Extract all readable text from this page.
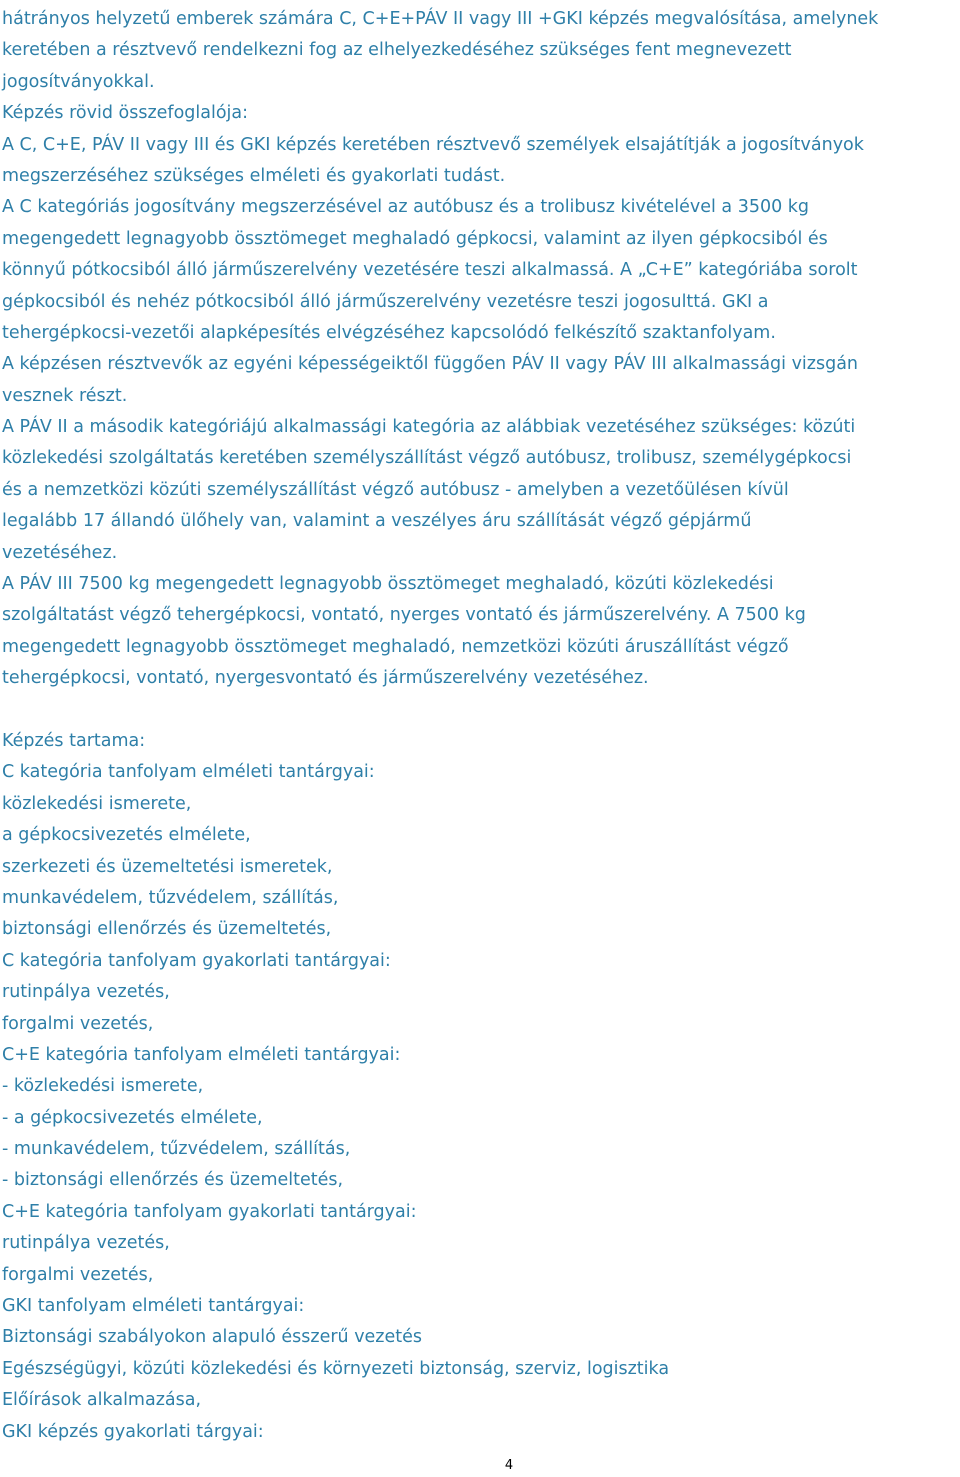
hátrányos helyzetű emberek számára C, C+E+PÁV II vagy III +GKI képzés megvalósítása, amelynek
keretében a résztvevő rendelkezni fog az elhelyezkedéséhez szükséges fent megnevezett
jogosítványokkal.
Képzés rövid összefoglalója:
A C, C+E, PÁV II vagy III és GKI képzés keretében résztvevő személyek elsajátítják a jogosítványok
megszerzéséhez szükséges elméleti és gyakorlati tudást.
A C kategóriás jogosítvány megszerzésével az autóbusz és a trolibusz kivételével a 3500 kg
megengedett legnagyobb össztömeget meghaladó gépkocsi, valamint az ilyen gépkocsiból és
könnyű pótkocsiból álló járműszerelvény vezetésére teszi alkalmassá. A „C+E” kategóriába sorolt
gépkocsiból és nehéz pótkocsiból álló járműszerelvény vezetésre teszi jogosulttá. GKI a
tehergépkocsi-vezetői alapképesítés elvégzéséhez kapcsolódó felkészítő szaktanfolyam.
A képzésen résztvevők az egyéni képességeiktől függően PÁV II vagy PÁV III alkalmassági vizsgán
vesznek részt.
A PÁV II a második kategóriájú alkalmassági kategória az alábbiak vezetéséhez szükséges: közúti
közlekedési szolgáltatás keretében személyszállítást végző autóbusz, trolibusz, személygépkocsi
és a nemzetközi közúti személyszállítást végző autóbusz - amelyben a vezetőülésen kívül
legalább 17 állandó ülőhely van, valamint a veszélyes áru szállítását végző gépjármű
vezetéséhez.
A PÁV III 7500 kg megengedett legnagyobb össztömeget meghaladó, közúti közlekedési
szolgáltatást végző tehergépkocsi, vontató, nyerges vontató és járműszerelvény. A 7500 kg
megengedett legnagyobb össztömeget meghaladó, nemzetközi közúti áruszállítást végző
tehergépkocsi, vontató, nyergesvontató és járműszerelvény vezetéséhez.
Képzés tartama:
C kategória tanfolyam elméleti tantárgyai:
közlekedési ismerete,
a gépkocsivezetés elmélete,
szerkezeti és üzemeltetési ismeretek,
munkavédelem, tűzvédelem, szállítás,
biztonsági ellenőrzés és üzemeltetés,
C kategória tanfolyam gyakorlati tantárgyai:
rutinpálya vezetés,
forgalmi vezetés,
C+E kategória tanfolyam elméleti tantárgyai:
- közlekedési ismerete,
- a gépkocsivezetés elmélete,
- munkavédelem, tűzvédelem, szállítás,
- biztonsági ellenőrzés és üzemeltetés,
C+E kategória tanfolyam gyakorlati tantárgyai:
rutinpálya vezetés,
forgalmi vezetés,
GKI tanfolyam elméleti tantárgyai:
Biztonsági szabályokon alapuló ésszerű vezetés
Egészségügyi, közúti közlekedési és környezeti biztonság, szerviz, logisztika
Előírások alkalmazása,
GKI képzés gyakorlati tárgyai:
4
